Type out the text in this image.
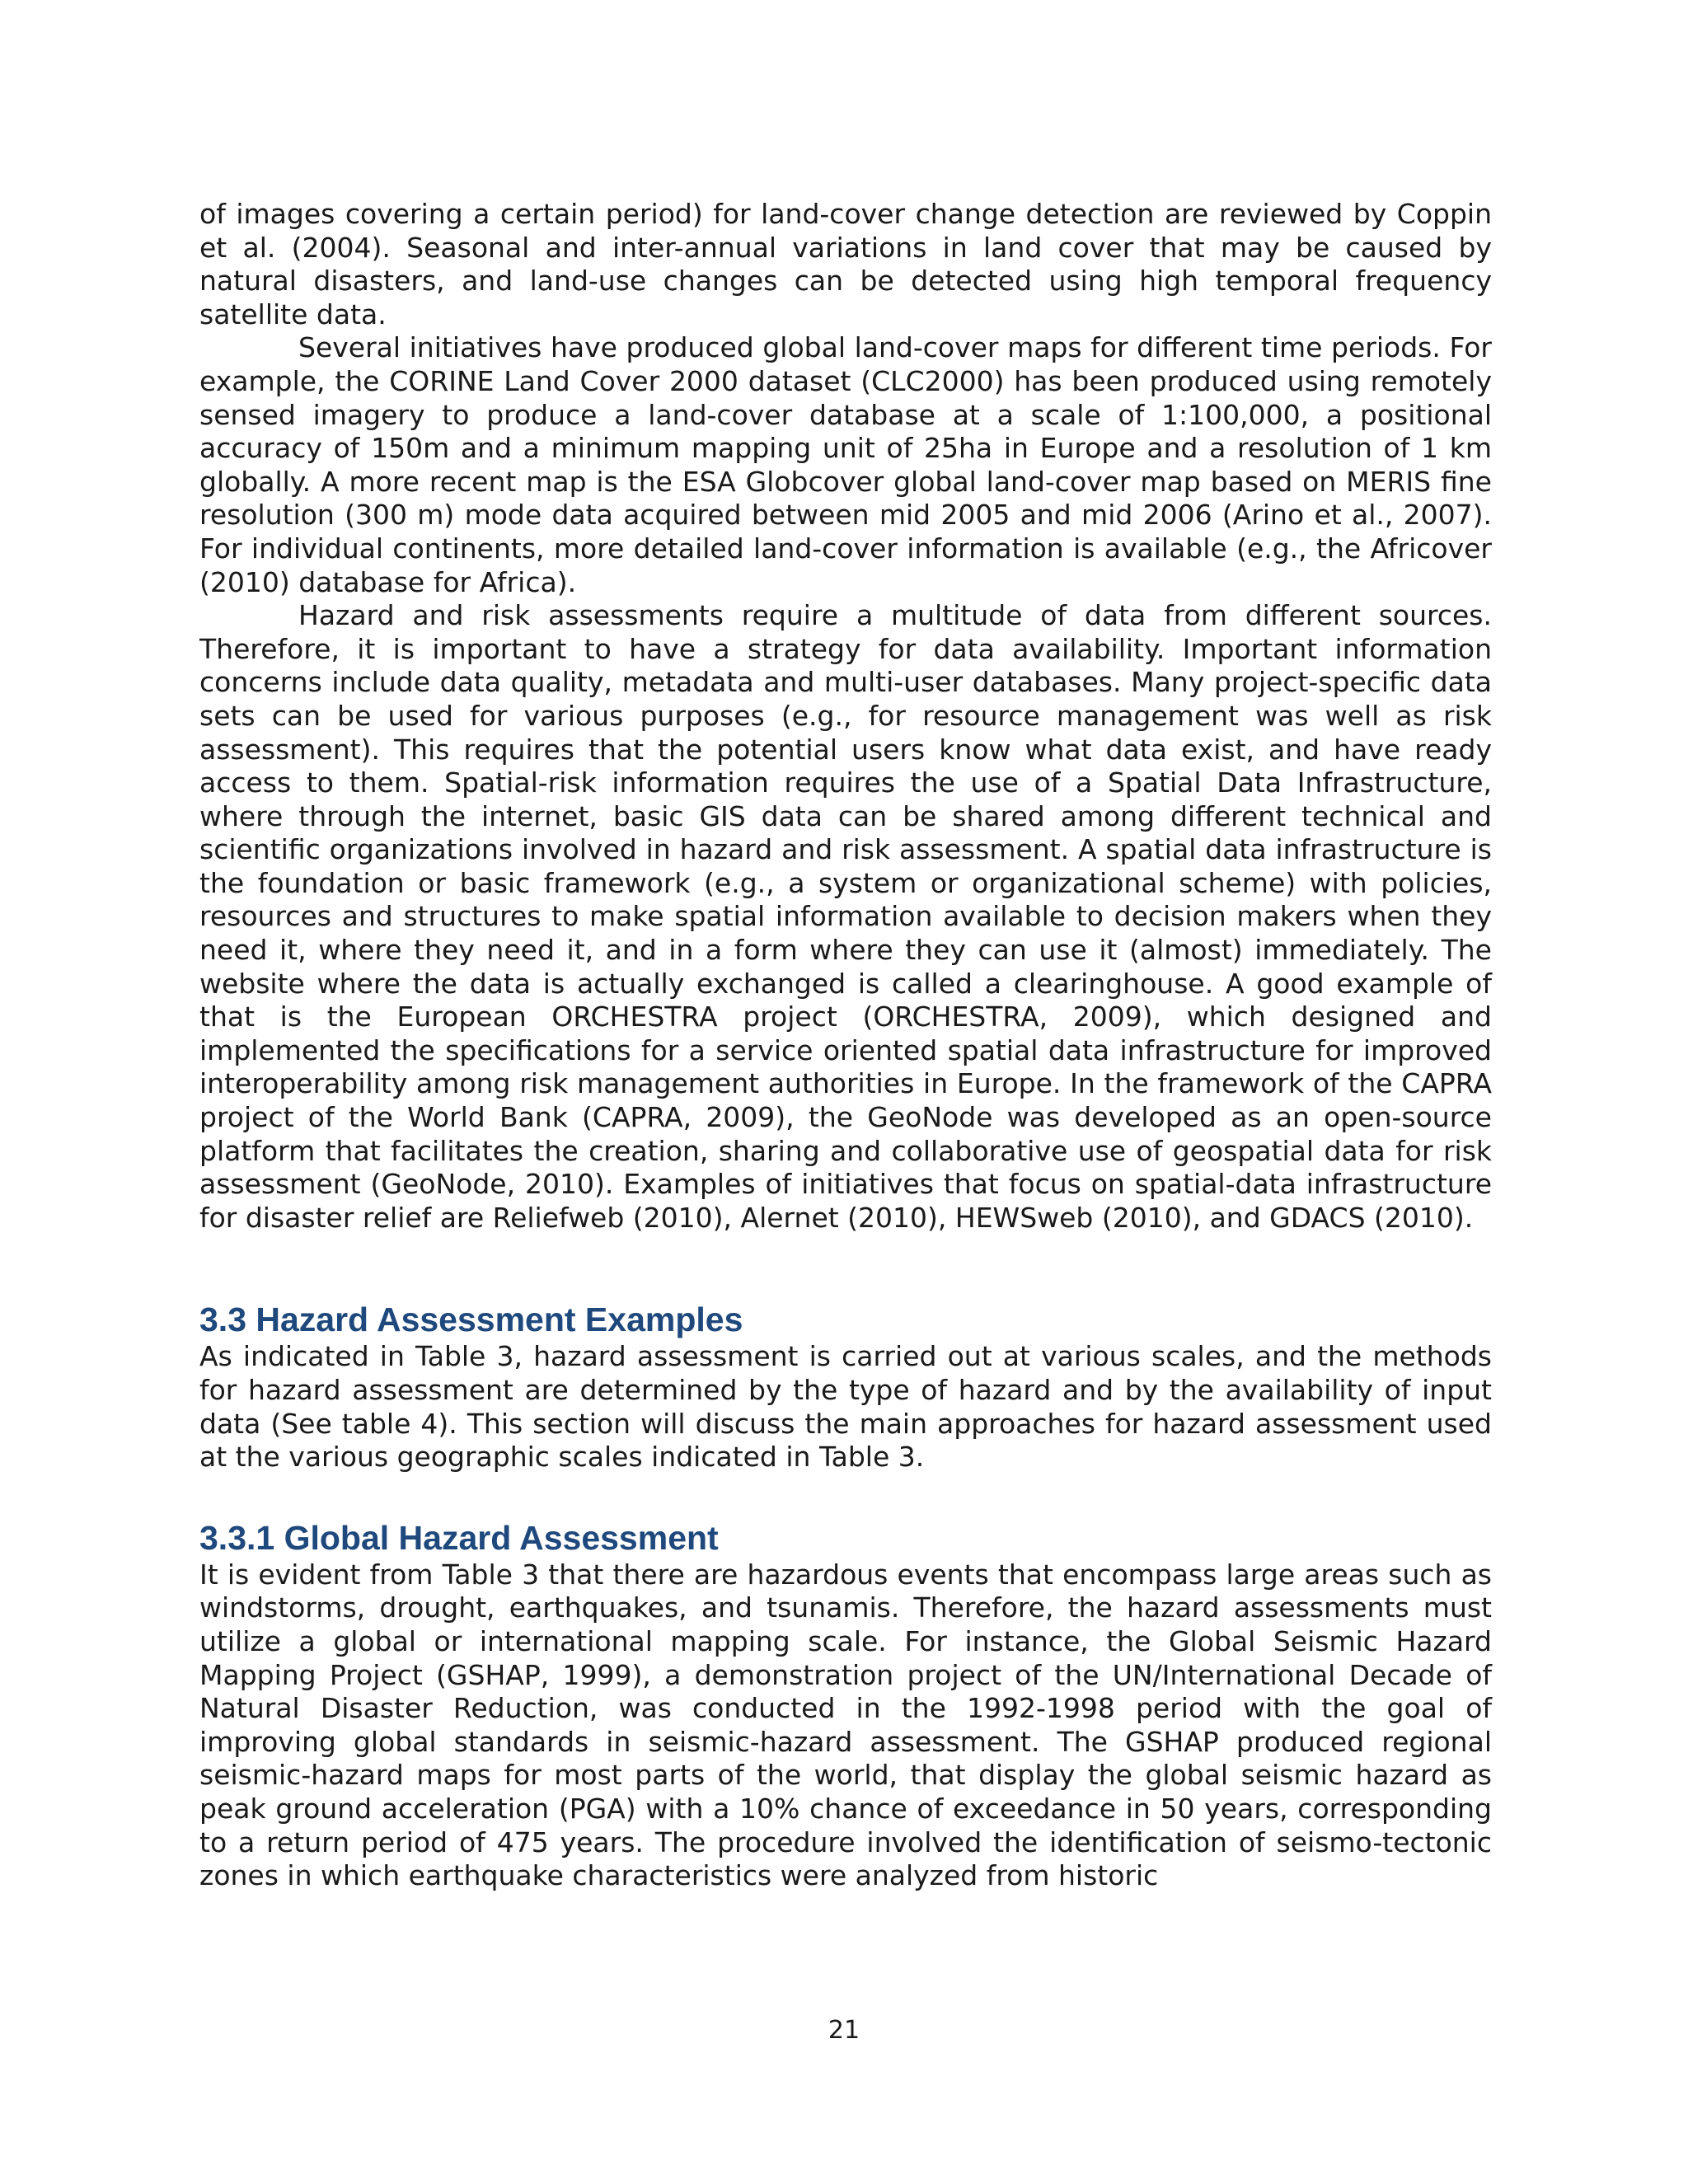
of images covering a certain period) for land-cover change detection are reviewed by Coppin et al. (2004). Seasonal and inter-annual variations in land cover that may be caused by natural disasters, and land-use changes can be detected using high temporal frequency satellite data.

Several initiatives have produced global land-cover maps for different time periods. For example, the CORINE Land Cover 2000 dataset (CLC2000) has been produced using remotely sensed imagery to produce a land-cover database at a scale of 1:100,000, a positional accuracy of 150m and a minimum mapping unit of 25ha in Europe and a resolution of 1 km globally. A more recent map is the ESA Globcover global land-cover map based on MERIS fine resolution (300 m) mode data acquired between mid 2005 and mid 2006 (Arino et al., 2007). For individual continents, more detailed land-cover information is available (e.g., the Africover (2010) database for Africa).

Hazard and risk assessments require a multitude of data from different sources. Therefore, it is important to have a strategy for data availability. Important information concerns include data quality, metadata and multi-user databases. Many project-specific data sets can be used for various purposes (e.g., for resource management was well as risk assessment). This requires that the potential users know what data exist, and have ready access to them. Spatial-risk information requires the use of a Spatial Data Infrastructure, where through the internet, basic GIS data can be shared among different technical and scientific organizations involved in hazard and risk assessment. A spatial data infrastructure is the foundation or basic framework (e.g., a system or organizational scheme) with policies, resources and structures to make spatial information available to decision makers when they need it, where they need it, and in a form where they can use it (almost) immediately. The website where the data is actually exchanged is called a clearinghouse. A good example of that is the European ORCHESTRA project (ORCHESTRA, 2009), which designed and implemented the specifications for a service oriented spatial data infrastructure for improved interoperability among risk management authorities in Europe. In the framework of the CAPRA project of the World Bank (CAPRA, 2009), the GeoNode was developed as an open-source platform that facilitates the creation, sharing and collaborative use of geospatial data for risk assessment (GeoNode, 2010). Examples of initiatives that focus on spatial-data infrastructure for disaster relief are Reliefweb (2010), Alernet (2010), HEWSweb (2010), and GDACS (2010).

3.3 Hazard Assessment Examples

As indicated in Table 3, hazard assessment is carried out at various scales, and the methods for hazard assessment are determined by the type of hazard and by the availability of input data (See table 4). This section will discuss the main approaches for hazard assessment used at the various geographic scales indicated in Table 3.

3.3.1 Global Hazard Assessment

It is evident from Table 3 that there are hazardous events that encompass large areas such as windstorms, drought, earthquakes, and tsunamis. Therefore, the hazard assessments must utilize a global or international mapping scale. For instance, the Global Seismic Hazard Mapping Project (GSHAP, 1999), a demonstration project of the UN/International Decade of Natural Disaster Reduction, was conducted in the 1992-1998 period with the goal of improving global standards in seismic-hazard assessment. The GSHAP produced regional seismic-hazard maps for most parts of the world, that display the global seismic hazard as peak ground acceleration (PGA) with a 10% chance of exceedance in 50 years, corresponding to a return period of 475 years. The procedure involved the identification of seismo-tectonic zones in which earthquake characteristics were analyzed from historic

21
